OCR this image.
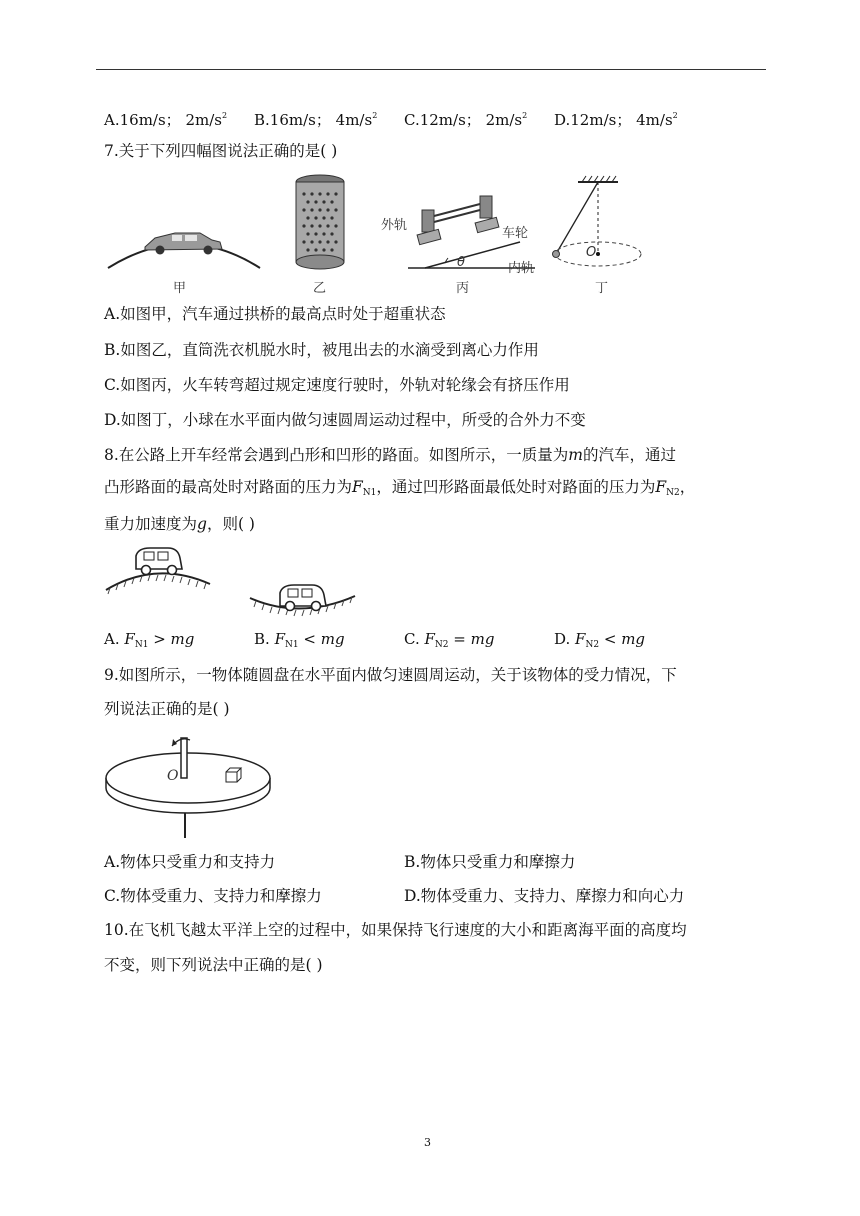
A.16m/s； $2m/s^2$ B.16m/s； $4m/s^2$ C.12m/s； $2m/s^2$ D.12m/s； $4m/s^2$
7.关于下列四幅图说法正确的是( )
甲	乙	丙	丁
外轨
车轮
内轨
θ
O
A.如图甲，汽车通过拱桥的最高点时处于超重状态
B.如图乙，直筒洗衣机脱水时，被甩出去的水滴受到离心力作用
C.如图丙，火车转弯超过规定速度行驶时，外轨对轮缘会有挤压作用
D.如图丁，小球在水平面内做匀速圆周运动过程中，所受的合外力不变
8.在公路上开车经常会遇到凸形和凹形的路面。如图所示，一质量为m的汽车，通过
凸形路面的最高处时对路面的压力为$F_{N1}$，通过凹形路面最低处时对路面的压力为$F_{N2}$，
重力加速度为g，则( )
A. $F_{N1}$ > mg	B. $F_{N1}$ < mg	C. $F_{N2}$ = mg	D. $F_{N2}$ < mg
9.如图所示，一物体随圆盘在水平面内做匀速圆周运动，关于该物体的受力情况，下
列说法正确的是( )
O
A.物体只受重力和支持力	B.物体只受重力和摩擦力
C.物体受重力、支持力和摩擦力	D.物体受重力、支持力、摩擦力和向心力
10.在飞机飞越太平洋上空的过程中，如果保持飞行速度的大小和距离海平面的高度均
不变，则下列说法中正确的是( )
3
